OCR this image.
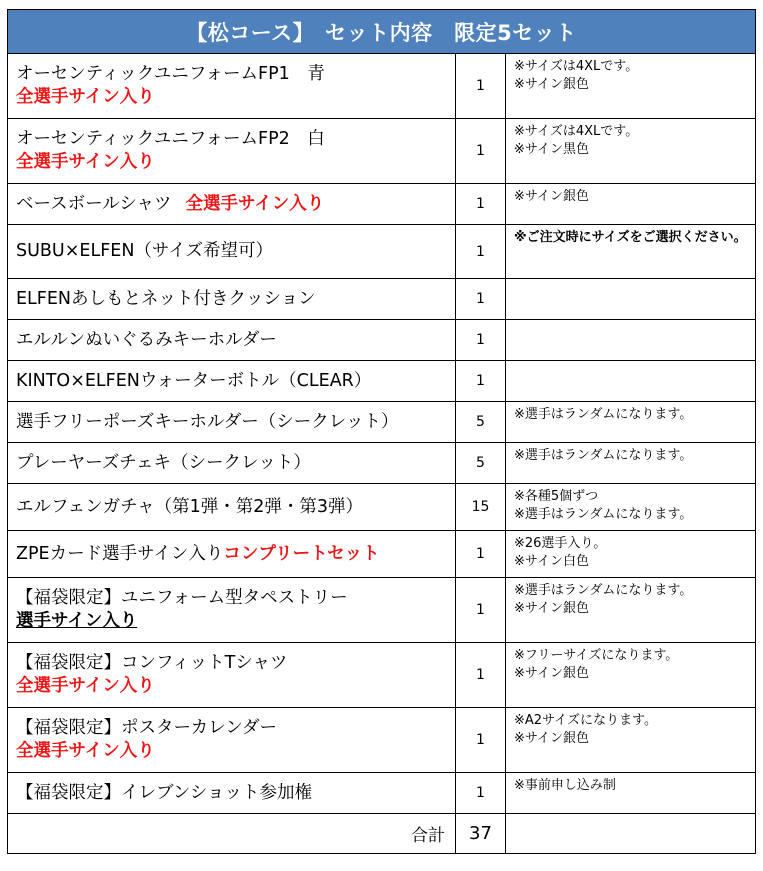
【松コース】　セット内容　限定5セット		

オーセンティックユニフォームFP1　青
全選手サイン入り	1	※サイズは4XLです。
※サイン銀色

オーセンティックユニフォームFP2　白
全選手サイン入り	1	※サイズは4XLです。
※サイン黒色

ベースボールシャツ 全選手サイン入り	1	※サイン銀色

SUBU×ELFEN（サイズ希望可）	1	※ご注文時にサイズをご選択ください。

ELFENあしもとネット付きクッション	1	
エルルンぬいぐるみキーホルダー	1	
KINTO×ELFENウォーターボトル（CLEAR）	1	
選手フリーポーズキーホルダー（シークレット）	5	※選手はランダムになります。

プレーヤーズチェキ（シークレット）	5	※選手はランダムになります。

エルフェンガチャ（第1弾・第2弾・第3弾）	15	※各種5個ずつ
※選手はランダムになります。

ZPEカード選手サイン入りコンプリートセット	1	※26選手入り。
※サイン白色

【福袋限定】ユニフォーム型タペストリー
選手サイン入り	1	※選手はランダムになります。
※サイン銀色

【福袋限定】コンフィットTシャツ
全選手サイン入り	1	※フリーサイズになります。
※サイン銀色

【福袋限定】ポスターカレンダー
全選手サイン入り	1	※A2サイズになります。
※サイン銀色

【福袋限定】イレブンショット参加権	1	※事前申し込み制

合計	37	
